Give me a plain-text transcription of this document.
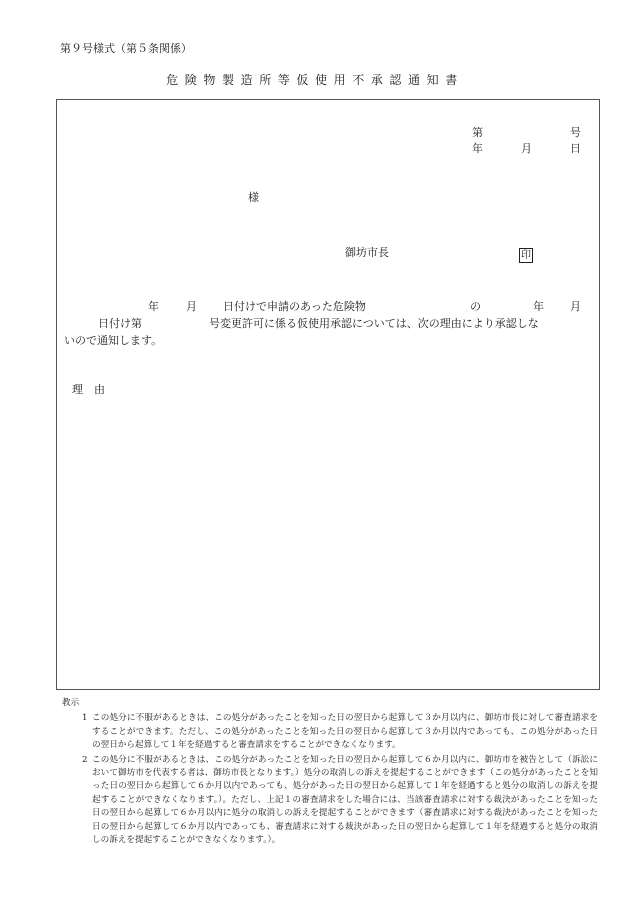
第９号様式（第５条関係）
危険物製造所等仮使用不承認通知書
第	号
年	月	日
様
御坊市長	印
年 月 日付けで申請のあった危険物	の	年 月
日付け第	号変更許可に係る仮使用承認については、次の理由により承認しな
いので通知します。
理　由
教示
1 この処分に不服があるときは、この処分があったことを知った日の翌日から起算して３か月以内に、御坊市長に対して審査請求をすることができます。ただし、この処分があったことを知った日の翌日から起算して３か月以内であっても、この処分があった日の翌日から起算して１年を経過すると審査請求をすることができなくなります。
2 この処分に不服があるときは、この処分があったことを知った日の翌日から起算して６か月以内に、御坊市を被告として（訴訟において御坊市を代表する者は、御坊市長となります。）処分の取消しの訴えを提起することができます（この処分があったことを知った日の翌日から起算して６か月以内であっても、処分があった日の翌日から起算して１年を経過すると処分の取消しの訴えを提起することができなくなります。）。ただし、上記１の審査請求をした場合には、当該審査請求に対する裁決があったことを知った日の翌日から起算して６か月以内に処分の取消しの訴えを提起することができます（審査請求に対する裁決があったことを知った日の翌日から起算して６か月以内であっても、審査請求に対する裁決があった日の翌日から起算して１年を経過すると処分の取消しの訴えを提起することができなくなります。）。
